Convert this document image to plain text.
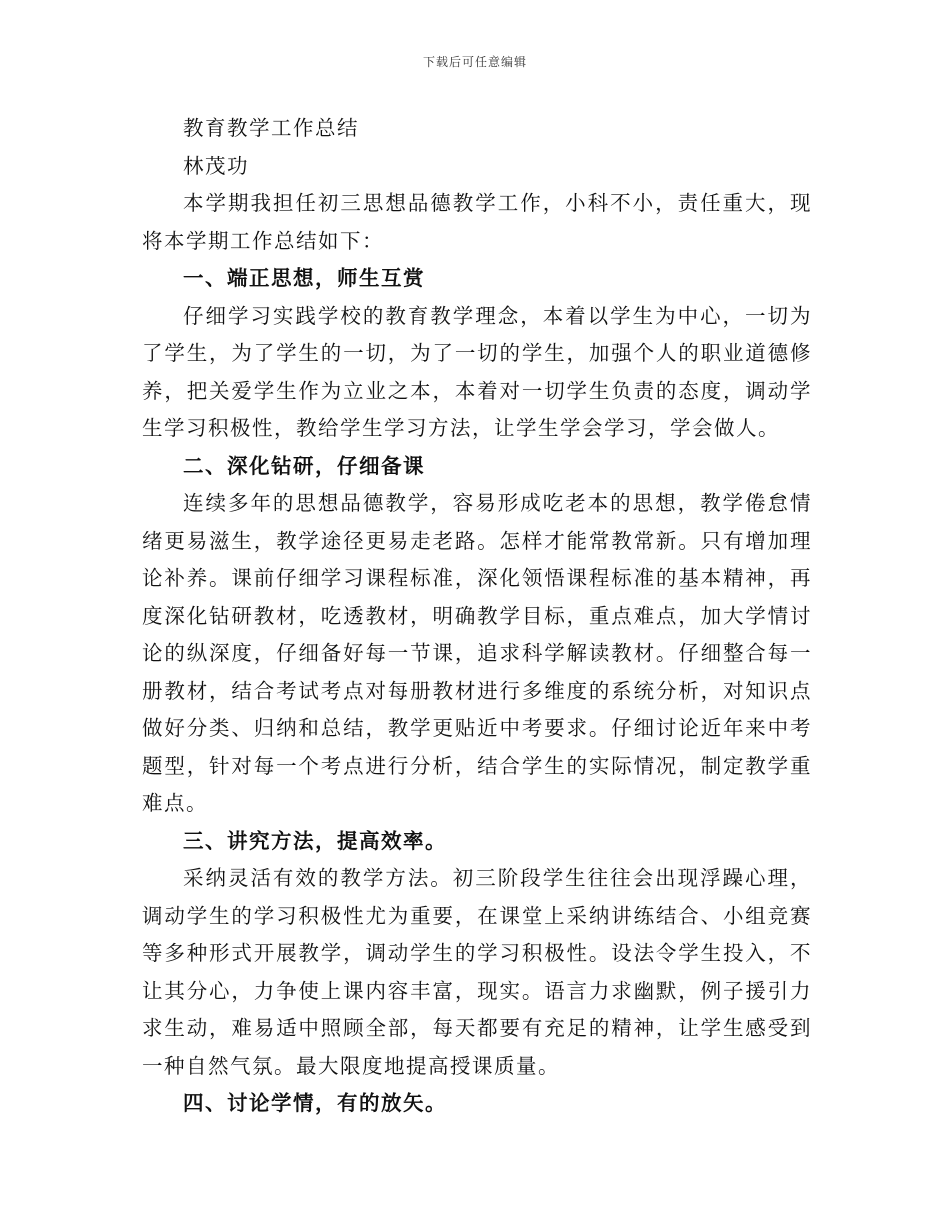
下载后可任意编辑

教育教学工作总结

林茂功

本学期我担任初三思想品德教学工作，小科不小，责任重大，现将本学期工作总结如下：

一、端正思想，师生互赏

仔细学习实践学校的教育教学理念，本着以学生为中心，一切为了学生，为了学生的一切，为了一切的学生，加强个人的职业道德修养，把关爱学生作为立业之本，本着对一切学生负责的态度，调动学生学习积极性，教给学生学习方法，让学生学会学习，学会做人。

二、深化钻研，仔细备课

连续多年的思想品德教学，容易形成吃老本的思想，教学倦怠情绪更易滋生，教学途径更易走老路。怎样才能常教常新。只有增加理论补养。课前仔细学习课程标准，深化领悟课程标准的基本精神，再度深化钻研教材，吃透教材，明确教学目标，重点难点，加大学情讨论的纵深度，仔细备好每一节课，追求科学解读教材。仔细整合每一册教材，结合考试考点对每册教材进行多维度的系统分析，对知识点做好分类、归纳和总结，教学更贴近中考要求。仔细讨论近年来中考题型，针对每一个考点进行分析，结合学生的实际情况，制定教学重难点。

三、讲究方法，提高效率。

采纳灵活有效的教学方法。初三阶段学生往往会出现浮躁心理，调动学生的学习积极性尤为重要，在课堂上采纳讲练结合、小组竞赛等多种形式开展教学，调动学生的学习积极性。设法令学生投入，不让其分心，力争使上课内容丰富，现实。语言力求幽默，例子援引力求生动，难易适中照顾全部，每天都要有充足的精神，让学生感受到一种自然气氛。最大限度地提高授课质量。

四、讨论学情，有的放矢。
